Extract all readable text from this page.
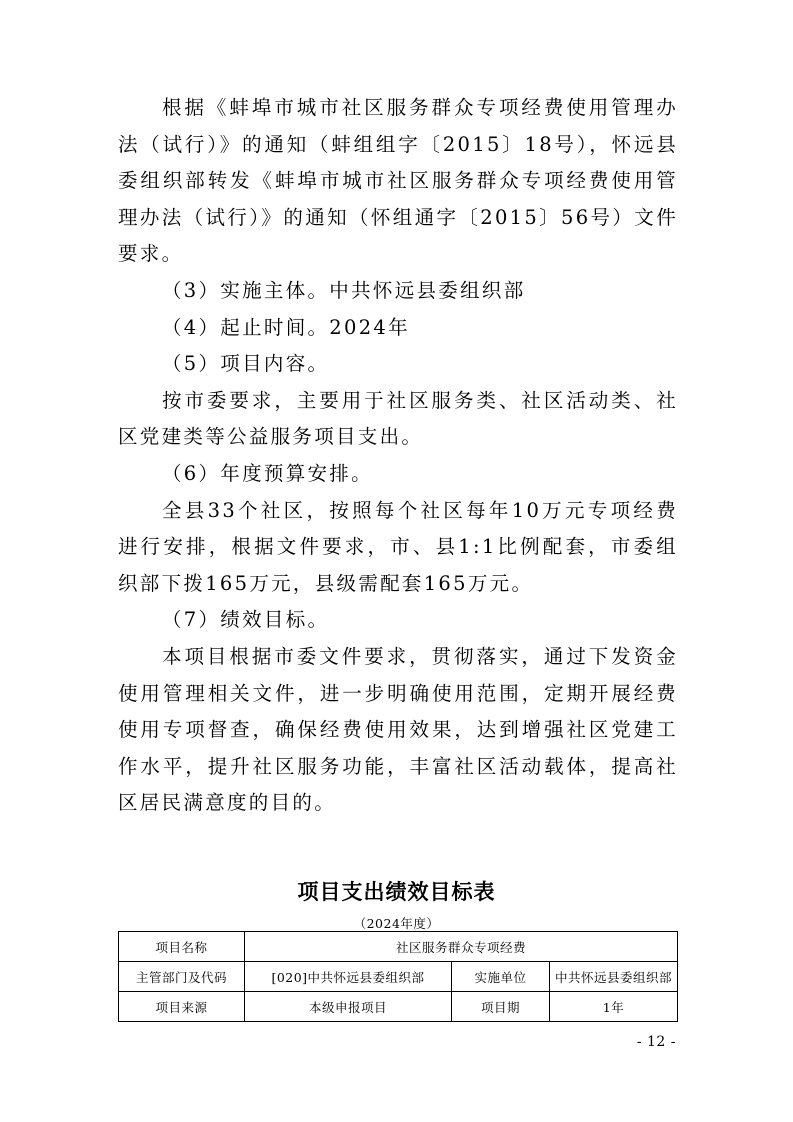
根据《蚌埠市城市社区服务群众专项经费使用管理办法（试行）》的通知（蚌组组字〔2015〕18号），怀远县委组织部转发《蚌埠市城市社区服务群众专项经费使用管理办法（试行）》的通知（怀组通字〔2015〕56号）文件要求。

（3）实施主体。中共怀远县委组织部

（4）起止时间。2024年

（5）项目内容。

按市委要求，主要用于社区服务类、社区活动类、社区党建类等公益服务项目支出。

（6）年度预算安排。

全县33个社区，按照每个社区每年10万元专项经费进行安排，根据文件要求，市、县1:1比例配套，市委组织部下拨165万元，县级需配套165万元。

（7）绩效目标。

本项目根据市委文件要求，贯彻落实，通过下发资金使用管理相关文件，进一步明确使用范围，定期开展经费使用专项督查，确保经费使用效果，达到增强社区党建工作水平，提升社区服务功能，丰富社区活动载体，提高社区居民满意度的目的。

项目支出绩效目标表
（2024年度）
项目名称	社区服务群众专项经费		
主管部门及代码	[020]中共怀远县委组织部	实施单位	中共怀远县委组织部
项目来源	本级申报项目	项目期	1年
- 12 -
